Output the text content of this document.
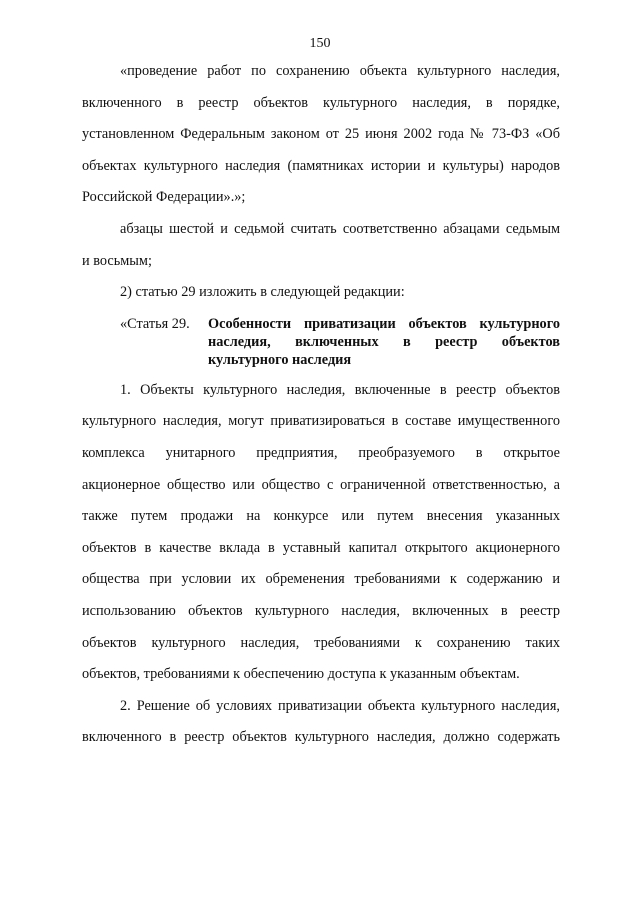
150

«проведение работ по сохранению объекта культурного наследия,
включенного в реестр объектов культурного наследия, в порядке,
установленном Федеральным законом от 25 июня 2002 года № 73-ФЗ «Об
объектах культурного наследия (памятниках истории и культуры) народов
Российской Федерации».»;

абзацы шестой и седьмой считать соответственно абзацами седьмым
и восьмым;

2) статью 29 изложить в следующей редакции:

«Статья 29. Особенности приватизации объектов культурного
наследия, включенных в реестр объектов
культурного наследия

1. Объекты культурного наследия, включенные в реестр объектов
культурного наследия, могут приватизироваться в составе имущественного
комплекса унитарного предприятия, преобразуемого в открытое
акционерное общество или общество с ограниченной ответственностью, а
также путем продажи на конкурсе или путем внесения указанных
объектов в качестве вклада в уставный капитал открытого акционерного
общества при условии их обременения требованиями к содержанию и
использованию объектов культурного наследия, включенных в реестр
объектов культурного наследия, требованиями к сохранению таких
объектов, требованиями к обеспечению доступа к указанным объектам.

2. Решение об условиях приватизации объекта культурного наследия,
включенного в реестр объектов культурного наследия, должно содержать
